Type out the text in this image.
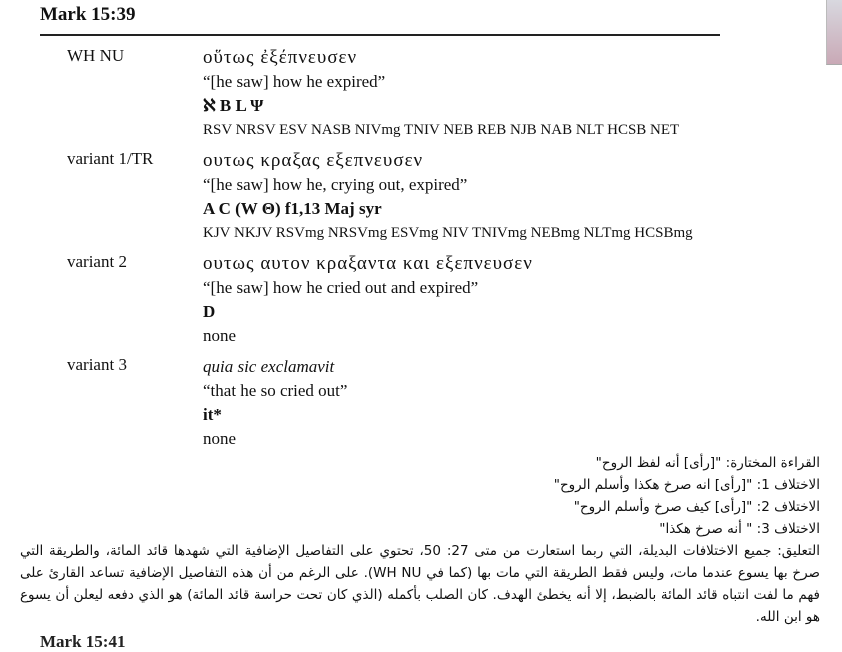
Mark 15:39
WH NU	οὕτως ἐξέπνευσεν
“[he saw] how he expired”
ℵ B L Ψ
RSV NRSV ESV NASB NIVmg TNIV NEB REB NJB NAB NLT HCSB NET
variant 1/TR	ουτως κραξας εξεπνευσεν
“[he saw] how he, crying out, expired”
A C (W Θ) f1,13 Maj syr
KJV NKJV RSVmg NRSVmg ESVmg NIV TNIVmg NEBmg NLTmg HCSBmg
variant 2	ουτως αυτον κραξαντα και εξεπνευσεν
“[he saw] how he cried out and expired”
D
none
variant 3	quia sic exclamavit
“that he so cried out”
it*
none
القراءة المختارة: "[رأى] أنه لفظ الروح"
الاختلاف 1: "[رأى] انه صرخ هكذا وأسلم الروح"
الاختلاف 2: "[رأى] كيف صرخ وأسلم الروح"
الاختلاف 3: " أنه صرخ هكذا"
التعليق: جميع الاختلافات البديلة، التي ربما استعارت من متى 27: 50، تحتوي على التفاصيل الإضافية التي شهدها قائد المائة، والطريقة التي صرخ بها يسوع عندما مات، وليس فقط الطريقة التي مات بها (كما في WH NU). على الرغم من أن هذه التفاصيل الإضافية تساعد القارئ على فهم ما لفت انتباه قائد المائة بالضبط، إلا أنه يخطئ الهدف. كان الصلب بأكمله (الذي كان تحت حراسة قائد المائة) هو الذي دفعه ليعلن أن يسوع هو ابن الله.
Mark 15:41
